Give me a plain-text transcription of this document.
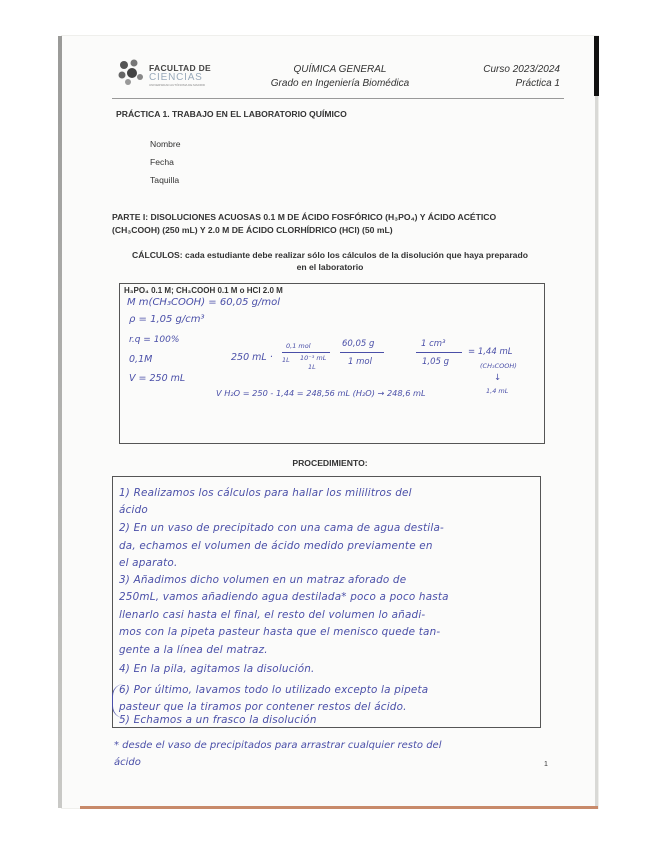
FACULTAD DE
CIENCIAS
UNIVERSIDAD AUTÓNOMA DE MADRID
QUÍMICA GENERAL
Grado en Ingeniería Biomédica
Curso 2023/2024
Práctica 1
PRÁCTICA 1. TRABAJO EN EL LABORATORIO QUÍMICO
Nombre
Fecha
Taquilla
PARTE I: DISOLUCIONES ACUOSAS 0.1 M DE ÁCIDO FOSFÓRICO (H₃PO₄) Y ÁCIDO ACÉTICO
(CH₃COOH) (250 mL) Y 2.0 M DE ÁCIDO CLORHÍDRICO (HCl) (50 mL)
CÁLCULOS: cada estudiante debe realizar sólo los cálculos de la disolución que haya preparado
en el laboratorio
H₃PO₄ 0.1 M; CH₃COOH 0.1 M o HCl 2.0 M
M m(CH₃COOH) = 60,05 g/mol
ρ = 1,05 g/cm³
r.q = 100%
0,1M
V = 250 mL
250 mL ·
0,1 mol
1L 10⁻³ mL
1L
60,05 g
1 mol
1 cm³
1,05 g
= 1,44 mL
(CH₃COOH)
↓
1,4 mL
V H₂O = 250 - 1,44 = 248,56 mL (H₂O) → 248,6 mL
PROCEDIMIENTO:
1) Realizamos los cálculos para hallar los mililitros del
ácido
2) En un vaso de precipitado con una cama de agua destila-
da, echamos el volumen de ácido medido previamente en
el aparato.
3) Añadimos dicho volumen en un matraz aforado de
250mL, vamos añadiendo agua destilada* poco a poco hasta
llenarlo casi hasta el final, el resto del volumen lo añadi-
mos con la pipeta pasteur hasta que el menisco quede tan-
gente a la línea del matraz.
4) En la pila, agitamos la disolución.
6) Por último, lavamos todo lo utilizado excepto la pipeta
pasteur que la tiramos por contener restos del ácido.
5) Echamos a un frasco la disolución
* desde el vaso de precipitados para arrastrar cualquier resto del
ácido	1
